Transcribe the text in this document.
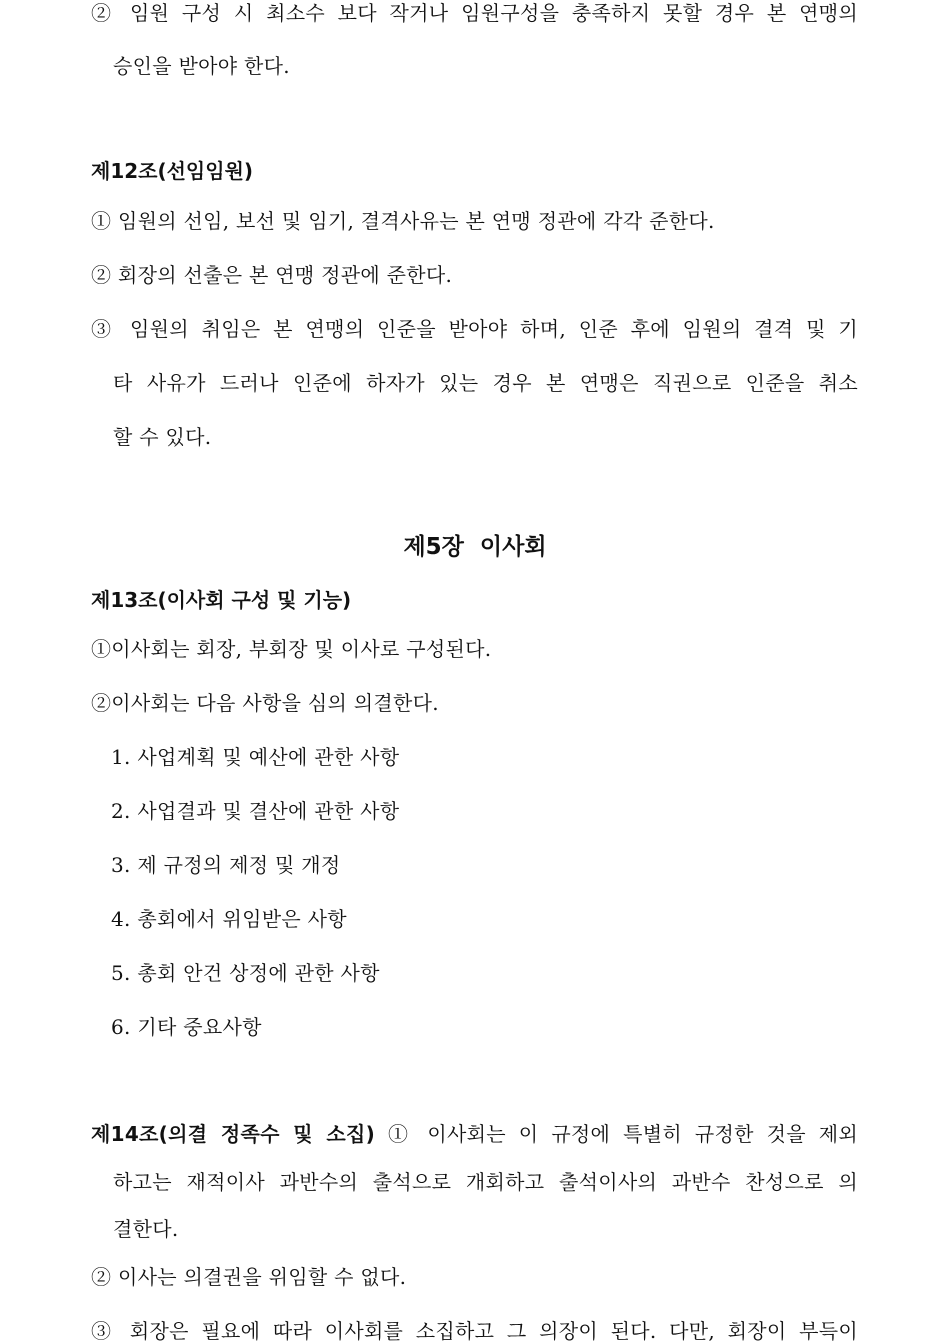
② 임원 구성 시 최소수 보다 작거나 임원구성을 충족하지 못할 경우 본 연맹의
승인을 받아야 한다.
제12조(선임임원)
① 임원의 선임, 보선 및 임기, 결격사유는 본 연맹 정관에 각각 준한다.
② 회장의 선출은 본 연맹 정관에 준한다.
③ 임원의 취임은 본 연맹의 인준을 받아야 하며, 인준 후에 임원의 결격 및 기
타 사유가 드러나 인준에 하자가 있는 경우 본 연맹은 직권으로 인준을 취소
할 수 있다.
제5장  이사회
제13조(이사회 구성 및 기능)
①이사회는 회장, 부회장 및 이사로 구성된다.
②이사회는 다음 사항을 심의 의결한다.
1. 사업계획 및 예산에 관한 사항
2. 사업결과 및 결산에 관한 사항
3. 제 규정의 제정 및 개정
4. 총회에서 위임받은 사항
5. 총회 안건 상정에 관한 사항
6. 기타 중요사항
제14조(의결 정족수 및 소집) ① 이사회는 이 규정에 특별히 규정한 것을 제외
하고는 재적이사 과반수의 출석으로 개회하고 출석이사의 과반수 찬성으로 의
결한다.
② 이사는 의결권을 위임할 수 없다.
③ 회장은 필요에 따라 이사회를 소집하고 그 의장이 된다. 다만, 회장이 부득이
